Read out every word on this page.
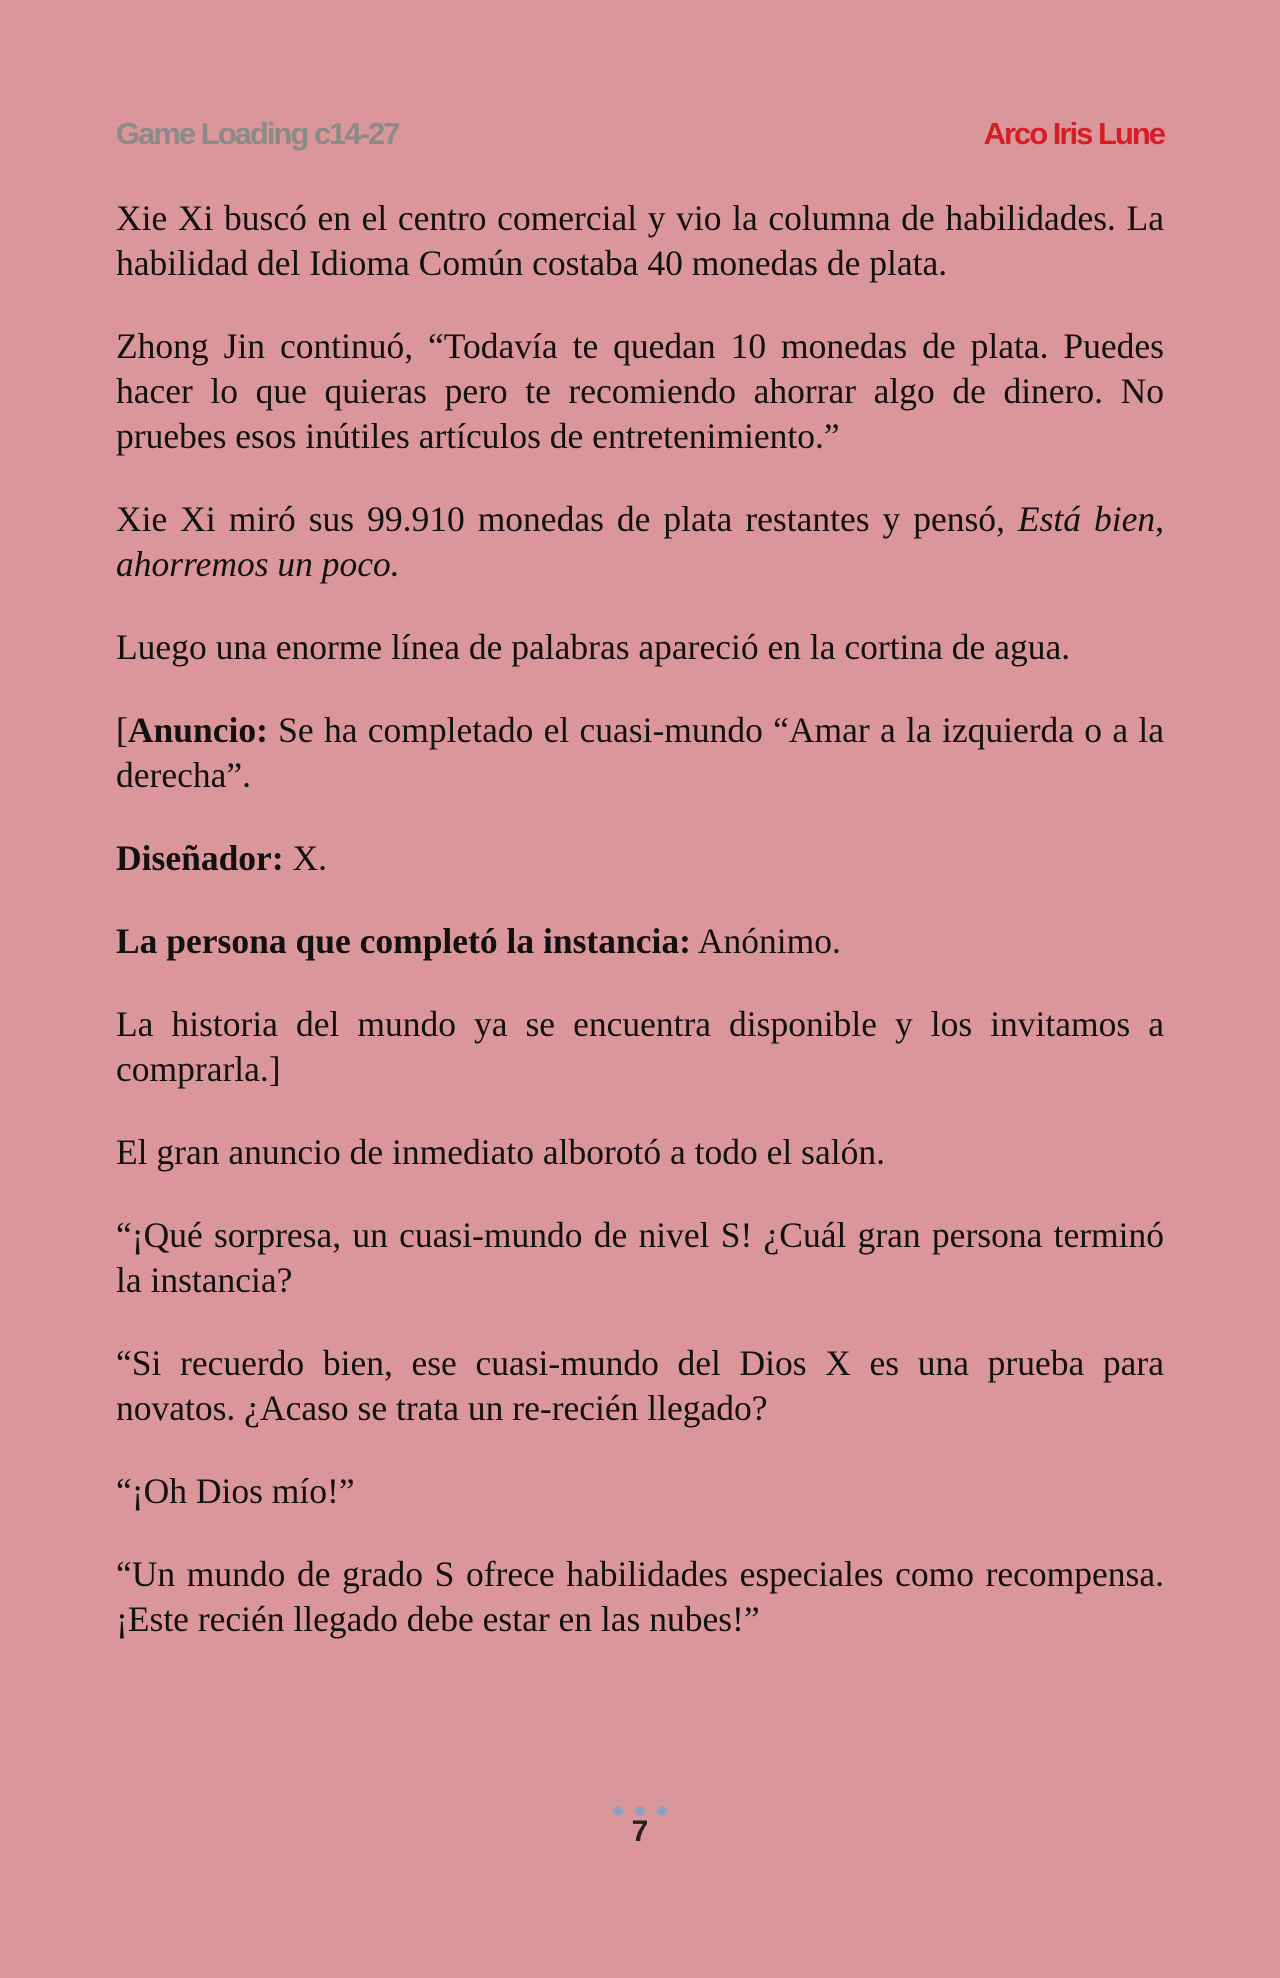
Game Loading c14-27	Arco Iris Lune

Xie Xi buscó en el centro comercial y vio la columna de habilidades. La habilidad del Idioma Común costaba 40 monedas de plata.

Zhong Jin continuó, “Todavía te quedan 10 monedas de plata. Puedes hacer lo que quieras pero te recomiendo ahorrar algo de dinero. No pruebes esos inútiles artículos de entretenimiento.”

Xie Xi miró sus 99.910 monedas de plata restantes y pensó, Está bien, ahorremos un poco.

Luego una enorme línea de palabras apareció en la cortina de agua.

[Anuncio: Se ha completado el cuasi-mundo “Amar a la izquierda o a la derecha”.

Diseñador: X.

La persona que completó la instancia: Anónimo.

La historia del mundo ya se encuentra disponible y los invitamos a comprarla.]

El gran anuncio de inmediato alborotó a todo el salón.

“¡Qué sorpresa, un cuasi-mundo de nivel S! ¿Cuál gran persona terminó la instancia?

“Si recuerdo bien, ese cuasi-mundo del Dios X es una prueba para novatos. ¿Acaso se trata un re-recién llegado?

“¡Oh Dios mío!”

“Un mundo de grado S ofrece habilidades especiales como recompensa. ¡Este recién llegado debe estar en las nubes!”

7
